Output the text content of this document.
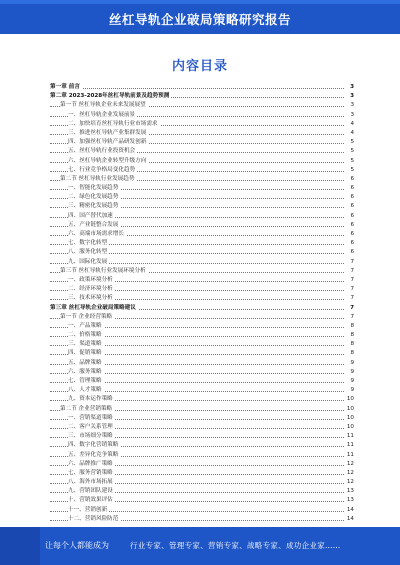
丝杠导轨企业破局策略研究报告
内容目录
第一章 前言	3
第二章 2023-2028年丝杠导轨前景及趋势预测	3
第一节 丝杠导轨企业未来发展展望	3
一、丝杠导轨企业发展前景	3
二、加快培育丝杠导轨行业市场需求	4
三、推进丝杠导轨产业集群发展	4
四、加强丝杠导轨产品研发创新	5
五、丝杠导轨行业投资机会	5
六、丝杠导轨企业转型升级方向	5
七、行业竞争格局变化趋势	5
第二节 丝杠导轨行业发展趋势	6
一、智能化发展趋势	6
二、绿色化发展趋势	6
三、精密化发展趋势	6
四、国产替代加速	6
五、产业链整合发展	6
六、高端市场需求增长	6
七、数字化转型	6
八、服务化转型	6
九、国际化发展	7
第三节 丝杠导轨行业发展环境分析	7
一、政策环境分析	7
二、经济环境分析	7
三、技术环境分析	7
第三章 丝杠导轨企业破局策略建议	7
第一节 企业经营策略	7
一、产品策略	8
二、价格策略	8
三、渠道策略	8
四、促销策略	8
五、品牌策略	9
六、服务策略	9
七、管理策略	9
八、人才策略	9
九、资本运作策略	10
第二节 企业营销策略	10
一、营销渠道策略	10
二、客户关系管理	10
三、市场细分策略	11
四、数字化营销策略	11
五、差异化竞争策略	11
六、品牌推广策略	12
七、服务营销策略	12
八、海外市场拓展	12
九、营销团队建设	13
十、营销效果评估	13
十一、营销创新	14
十二、营销风险防范	14
让每个人都能成为	行业专家、管理专家、营销专家、战略专家、成功企业家……
